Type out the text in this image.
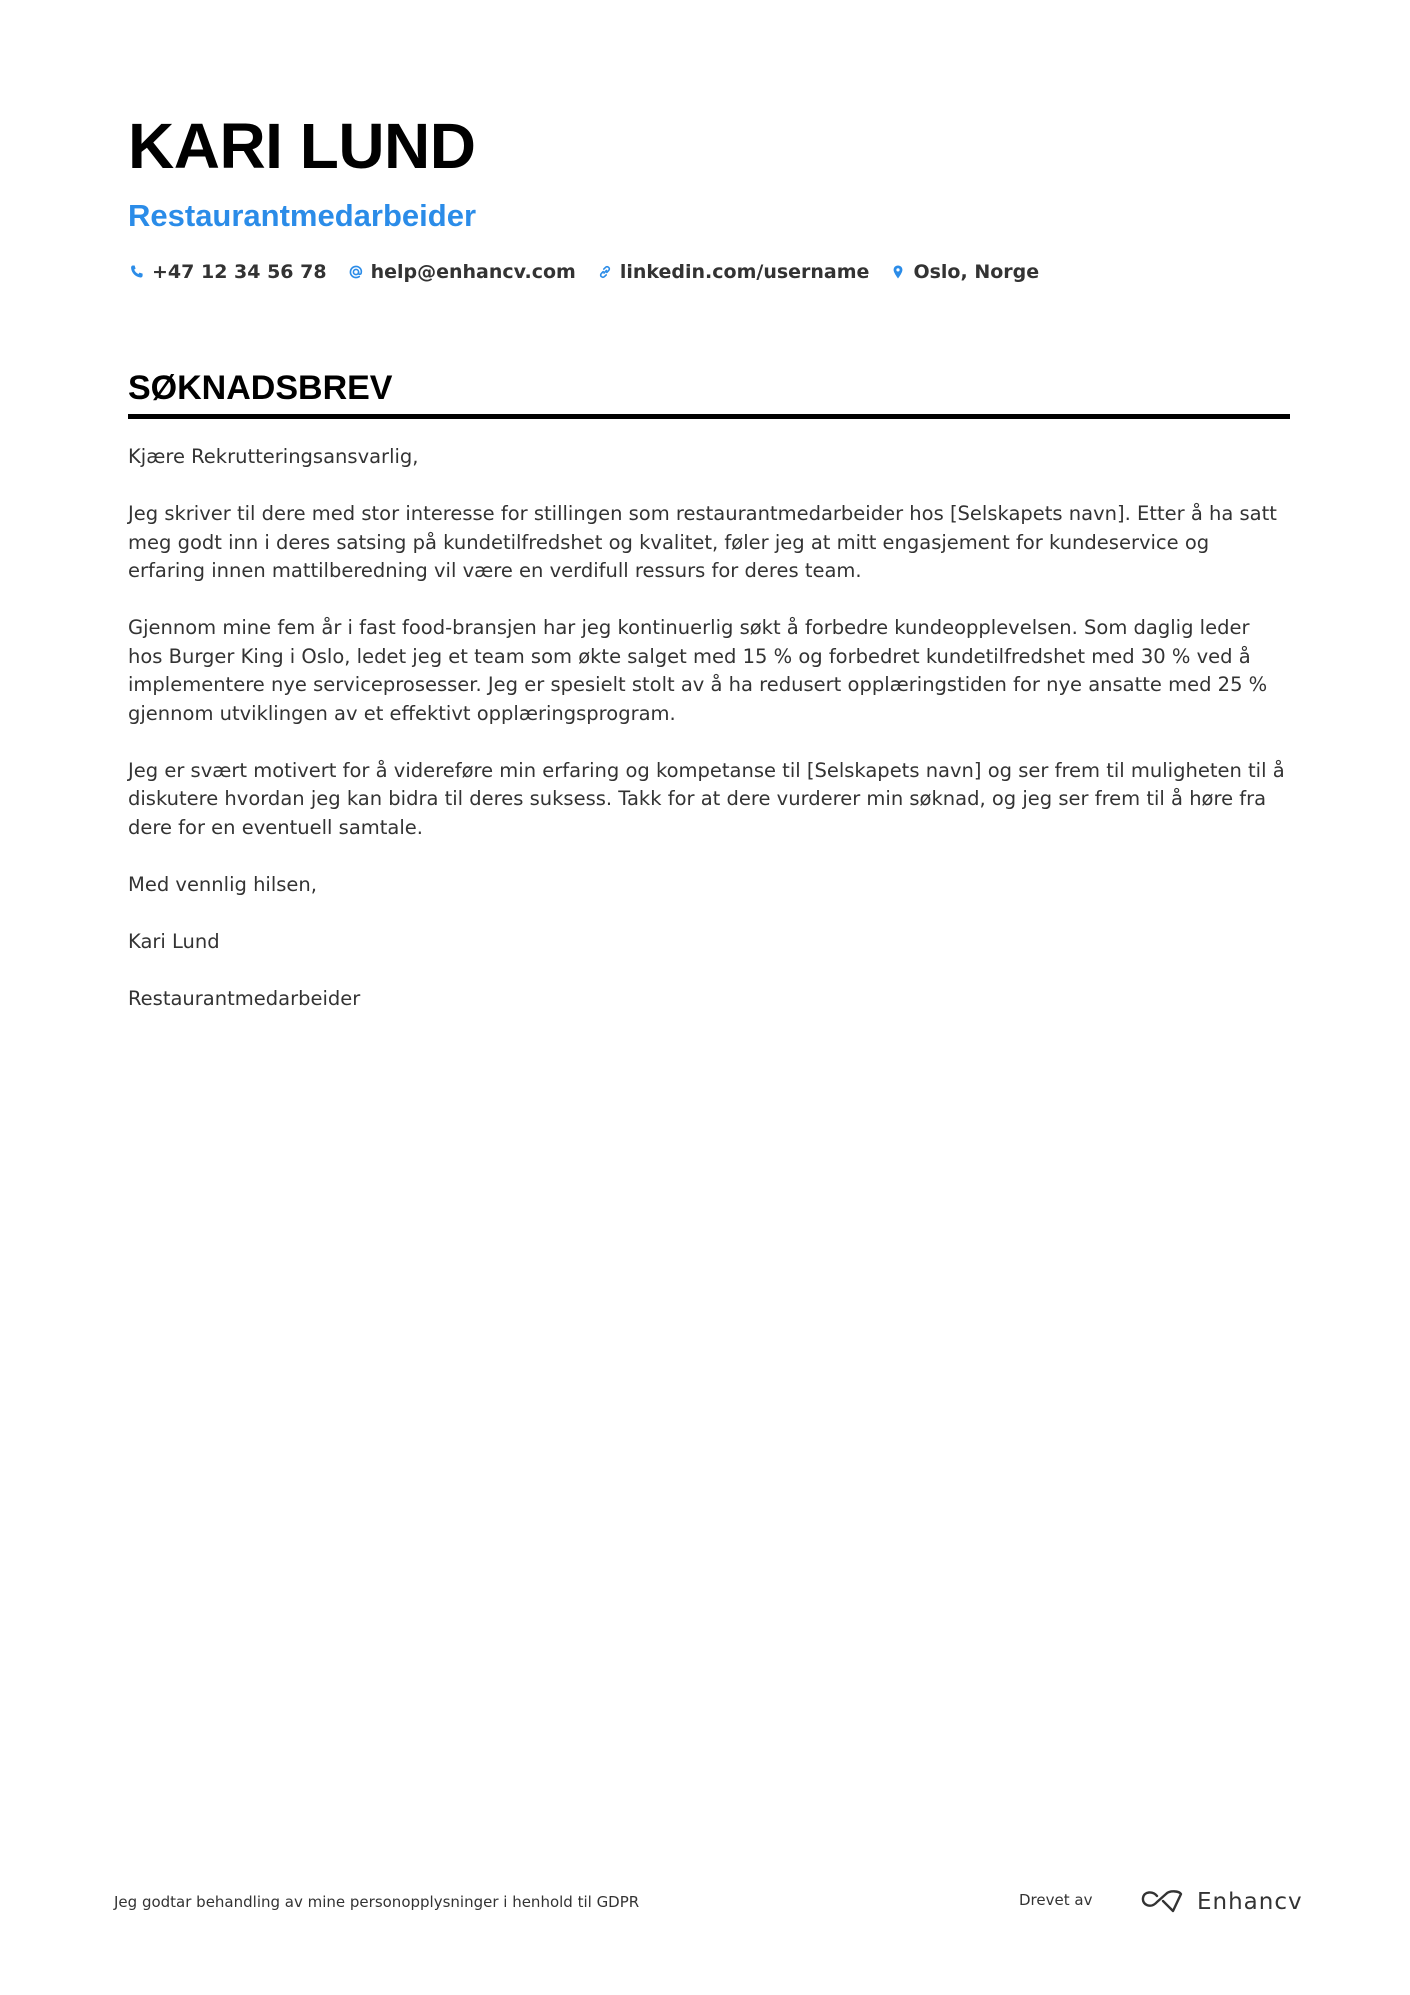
KARI LUND
Restaurantmedarbeider
+47 12 34 56 78 help@enhancv.com linkedin.com/username Oslo, Norge
SØKNADSBREV

Kjære Rekrutteringsansvarlig,

Jeg skriver til dere med stor interesse for stillingen som restaurantmedarbeider hos [Selskapets navn]. Etter å ha satt meg godt inn i deres satsing på kundetilfredshet og kvalitet, føler jeg at mitt engasjement for kundeservice og erfaring innen mattilberedning vil være en verdifull ressurs for deres team.

Gjennom mine fem år i fast food-bransjen har jeg kontinuerlig søkt å forbedre kundeopplevelsen. Som daglig leder hos Burger King i Oslo, ledet jeg et team som økte salget med 15 % og forbedret kundetilfredshet med 30 % ved å implementere nye serviceprosesser. Jeg er spesielt stolt av å ha redusert opplæringstiden for nye ansatte med 25 % gjennom utviklingen av et effektivt opplæringsprogram.

Jeg er svært motivert for å videreføre min erfaring og kompetanse til [Selskapets navn] og ser frem til muligheten til å diskutere hvordan jeg kan bidra til deres suksess. Takk for at dere vurderer min søknad, og jeg ser frem til å høre fra dere for en eventuell samtale.

Med vennlig hilsen,

Kari Lund

Restaurantmedarbeider

Jeg godtar behandling av mine personopplysninger i henhold til GDPR	Drevet av	Enhancv
